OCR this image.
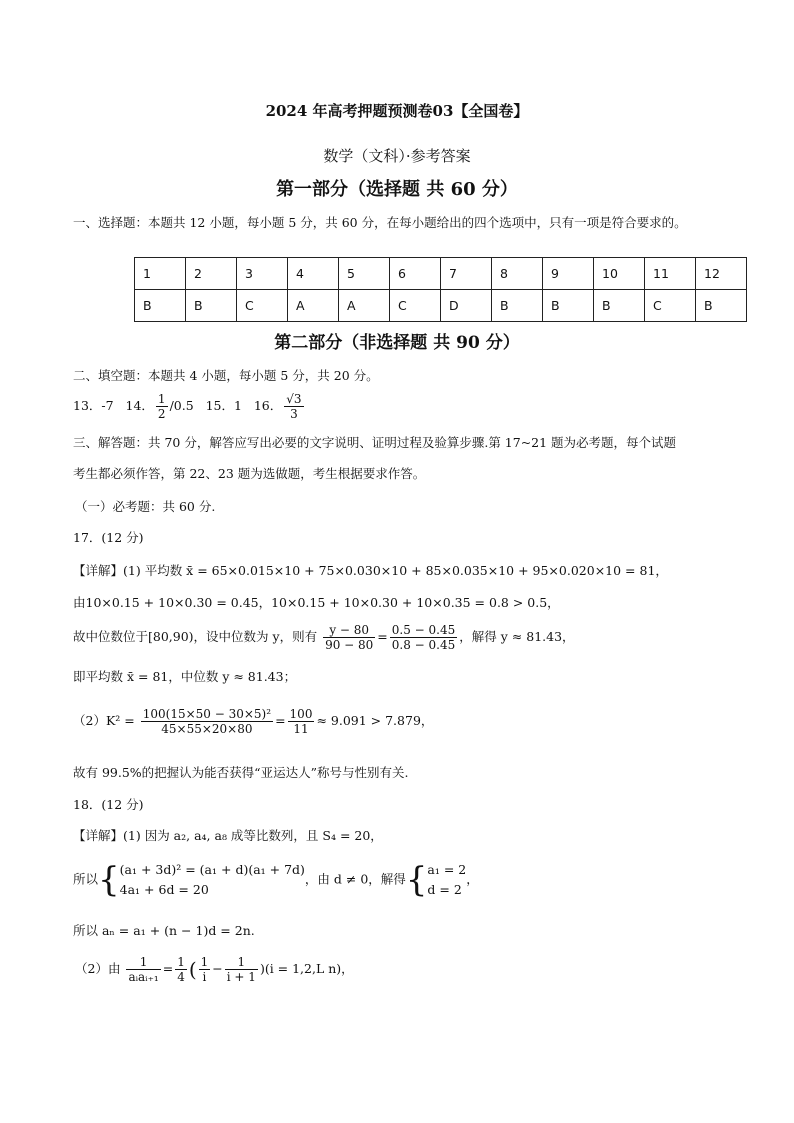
2024 年高考押题预测卷03【全国卷】
数学（文科）·参考答案
第一部分（选择题 共 60 分）
一、选择题：本题共 12 小题，每小题 5 分，共 60 分，在每小题给出的四个选项中，只有一项是符合要求的。
1	2	3	4	5	6	7	8	9	10	11	12
B	B	C	A	A	C	D	B	B	B	C	B
第二部分（非选择题 共 90 分）
二、填空题：本题共 4 小题，每小题 5 分，共 20 分。
13．-7 14． $\frac{1}{2} /0.5$ 15．1 16． $\frac{√3}{3}$
三、解答题：共 70 分，解答应写出必要的文字说明、证明过程及验算步骤.第 17~21 题为必考题，每个试题
考生都必须作答，第 22、23 题为选做题，考生根据要求作答。
（一）必考题：共 60 分.
17．(12 分)
【详解】(1) 平均数 x̄ = 65×0.015×10 + 75×0.030×10 + 85×0.035×10 + 95×0.020×10 = 81，
由10×0.15 + 10×0.30 = 0.45，10×0.15 + 10×0.30 + 10×0.35 = 0.8 > 0.5，
故中位数位于[80,90)，设中位数为 y，则有 $\frac{y - 80}{90 - 80} = \frac{0.5 - 0.45}{0.8 - 0.45}$ ，解得 y ≈ 81.43，
即平均数 x̄ = 81，中位数 y ≈ 81.43；
$(2)K^2 = \frac{\text{100(15×50 − 30×5)²}}{45\times 55\times 20\times 80} = \frac{100}{11} \approx 9.091 > 7.879$，
故有 99.5%的把握认为能否获得“亚运达人”称号与性别有关.
18．(12 分)
【详解】(1) 因为 a₂, a₄, a₈ 成等比数列，且 S₄ = 20，
所以{ (a₁ + 3d)² = (a₁ + d)(a₁ + 7d)
4a₁ + 6d = 20
，由 d ≠ 0，解得{ a₁ = 2
d = 2
，
所以 aₙ = a₁ + (n − 1)d = 2n.
（2）由 $\frac{1}{\text{aᵢaᵢ₊₁}} = \frac{1}{4}$ ( $\frac{1}{i} - \frac{1}{i + 1} )(i = 1,2,L$ n)，
